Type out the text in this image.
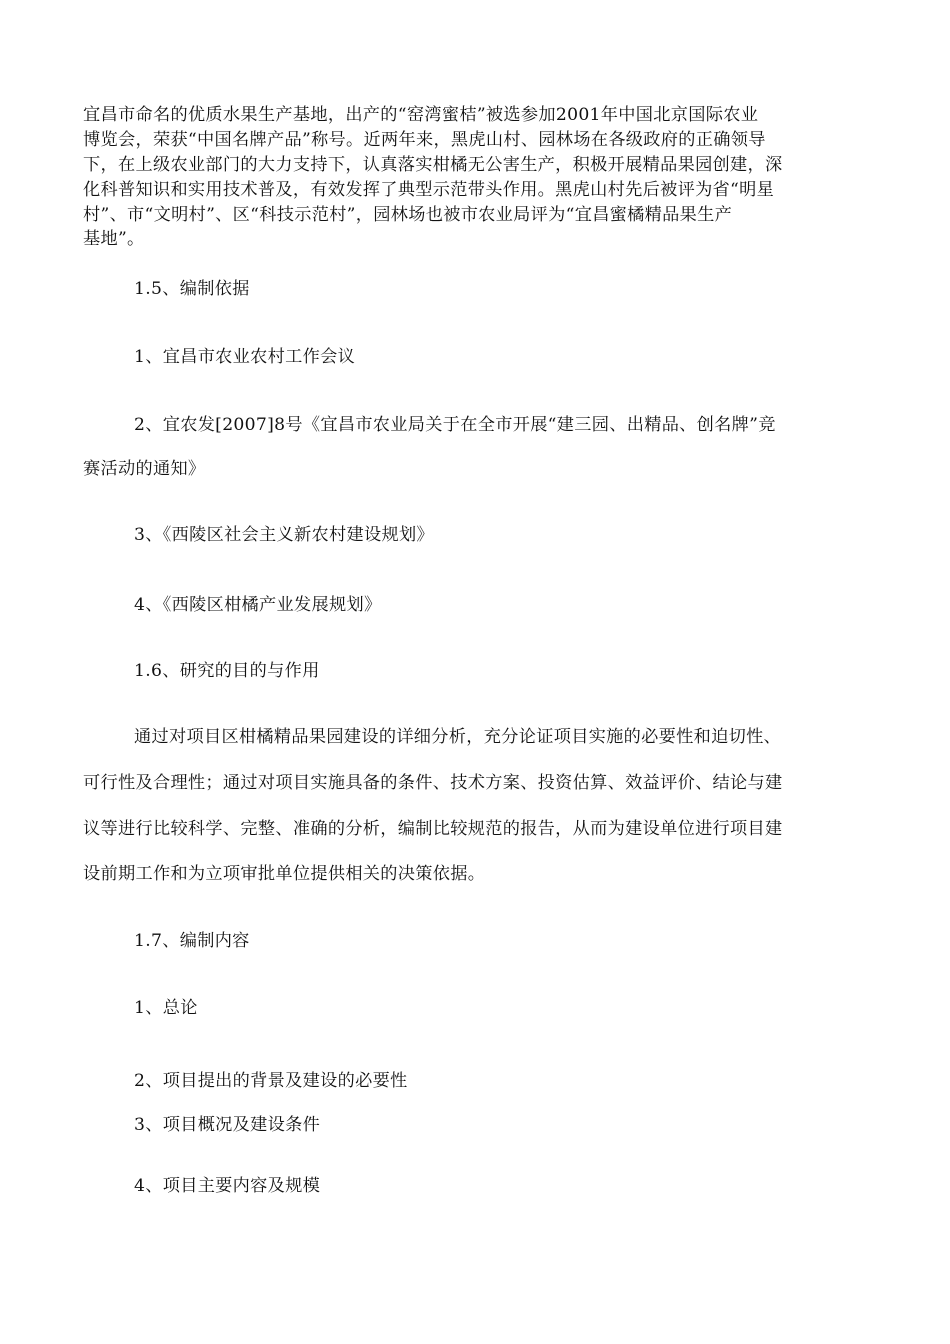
宜昌市命名的优质水果生产基地，出产的“窑湾蜜桔”被选参加2001年中国北京国际农业
博览会，荣获“中国名牌产品”称号。近两年来，黑虎山村、园林场在各级政府的正确领导
下，在上级农业部门的大力支持下，认真落实柑橘无公害生产，积极开展精品果园创建，深
化科普知识和实用技术普及，有效发挥了典型示范带头作用。黑虎山村先后被评为省“明星
村”、市“文明村”、区“科技示范村”，园林场也被市农业局评为“宜昌蜜橘精品果生产
基地”。
1.5、编制依据
1、宜昌市农业农村工作会议
2、宜农发[2007]8号《宜昌市农业局关于在全市开展“建三园、出精品、创名牌”竞
赛活动的通知》
3、《西陵区社会主义新农村建设规划》
4、《西陵区柑橘产业发展规划》
1.6、研究的目的与作用
通过对项目区柑橘精品果园建设的详细分析，充分论证项目实施的必要性和迫切性、
可行性及合理性；通过对项目实施具备的条件、技术方案、投资估算、效益评价、结论与建
议等进行比较科学、完整、准确的分析，编制比较规范的报告，从而为建设单位进行项目建
设前期工作和为立项审批单位提供相关的决策依据。
1.7、编制内容
1、总论
2、项目提出的背景及建设的必要性
3、项目概况及建设条件
4、项目主要内容及规模
